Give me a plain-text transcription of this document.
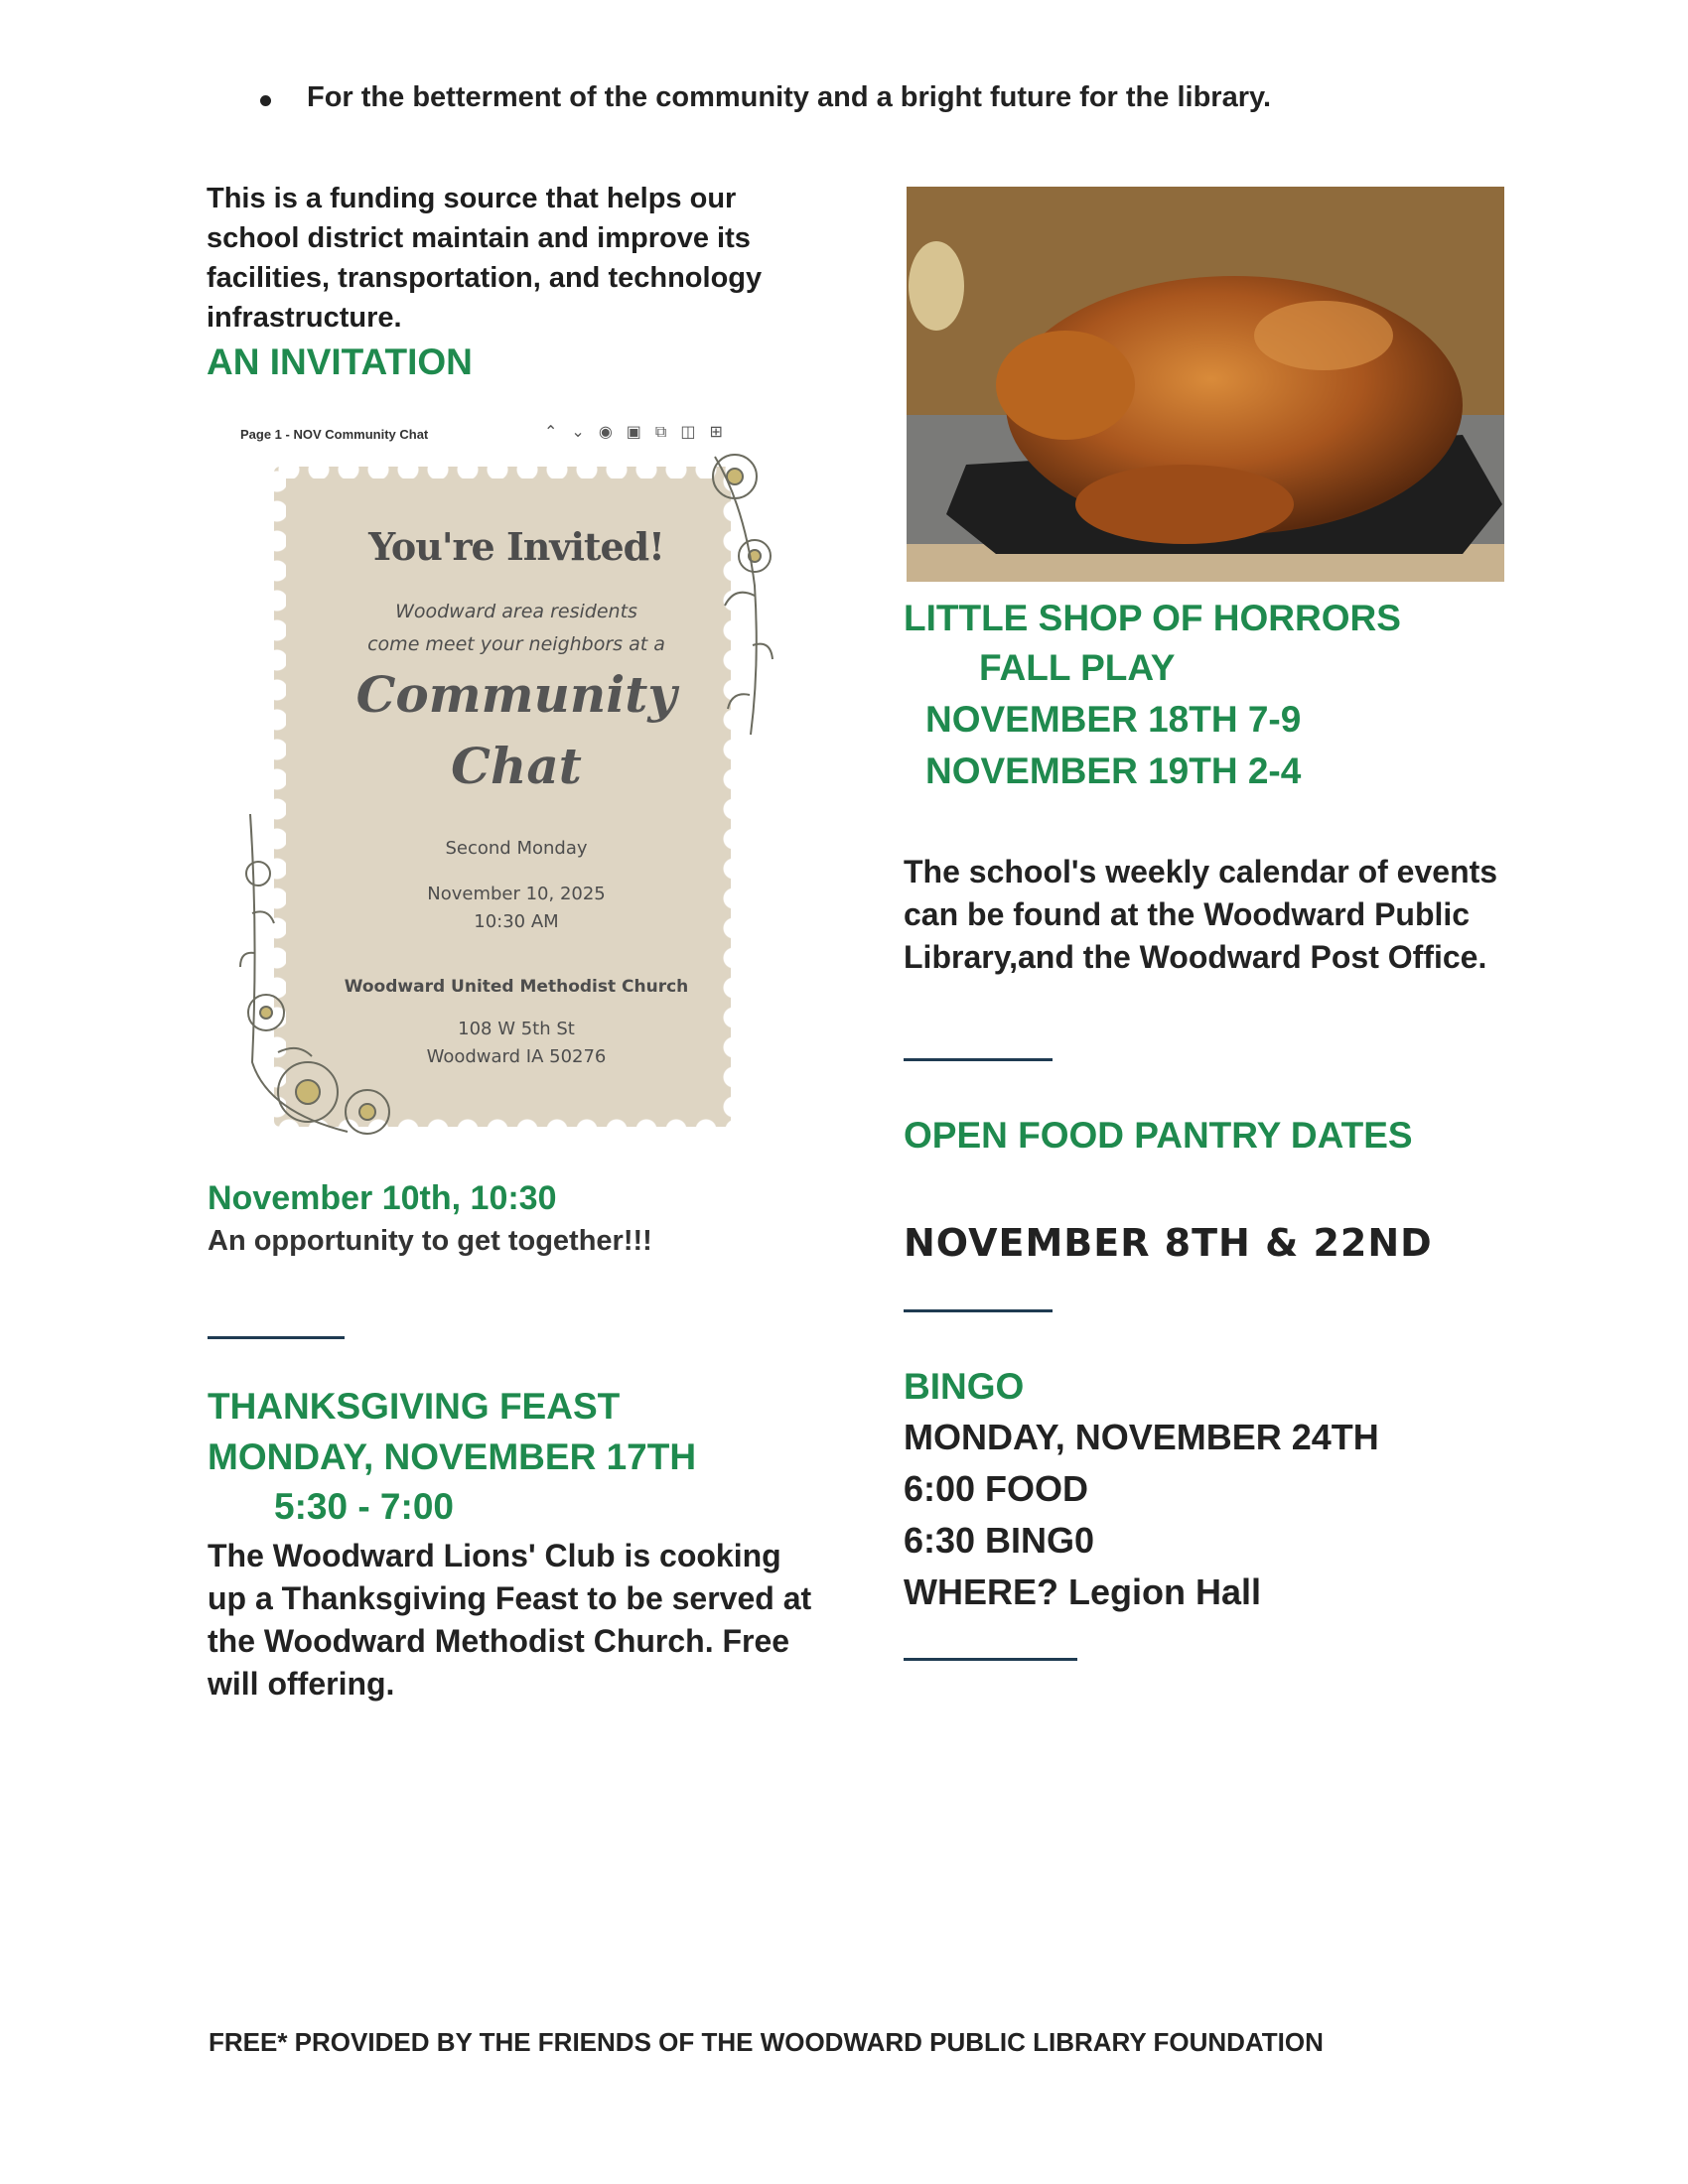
For the betterment of the community and a bright future for the library.
This is a funding source that helps our school district maintain and improve its facilities, transportation, and technology infrastructure.
AN INVITATION
Page 1 - NOV Community Chat	⌃⌄◉▣⧉◫⊞
You're Invited!
Woodward area residents
come meet your neighbors at a
Community
Chat
Second Monday
November 10, 2025
10:30 AM
Woodward United Methodist Church
108 W 5th St
Woodward IA 50276
November 10th, 10:30
An opportunity to get together!!!
THANKSGIVING FEAST
MONDAY, NOVEMBER 17TH
5:30 - 7:00
The Woodward Lions' Club is cooking up a Thanksgiving Feast to be served at the Woodward Methodist Church. Free will offering.
LITTLE SHOP OF HORRORS
FALL PLAY
NOVEMBER 18TH 7-9
NOVEMBER 19TH 2-4
The school's weekly calendar of events can be found at the Woodward Public Library,and the Woodward Post Office.
OPEN FOOD PANTRY DATES
NOVEMBER 8TH & 22ND
BINGO
MONDAY, NOVEMBER 24TH
6:00 FOOD
6:30 BING0
WHERE? Legion Hall
FREE* PROVIDED BY THE FRIENDS OF THE WOODWARD PUBLIC LIBRARY FOUNDATION
